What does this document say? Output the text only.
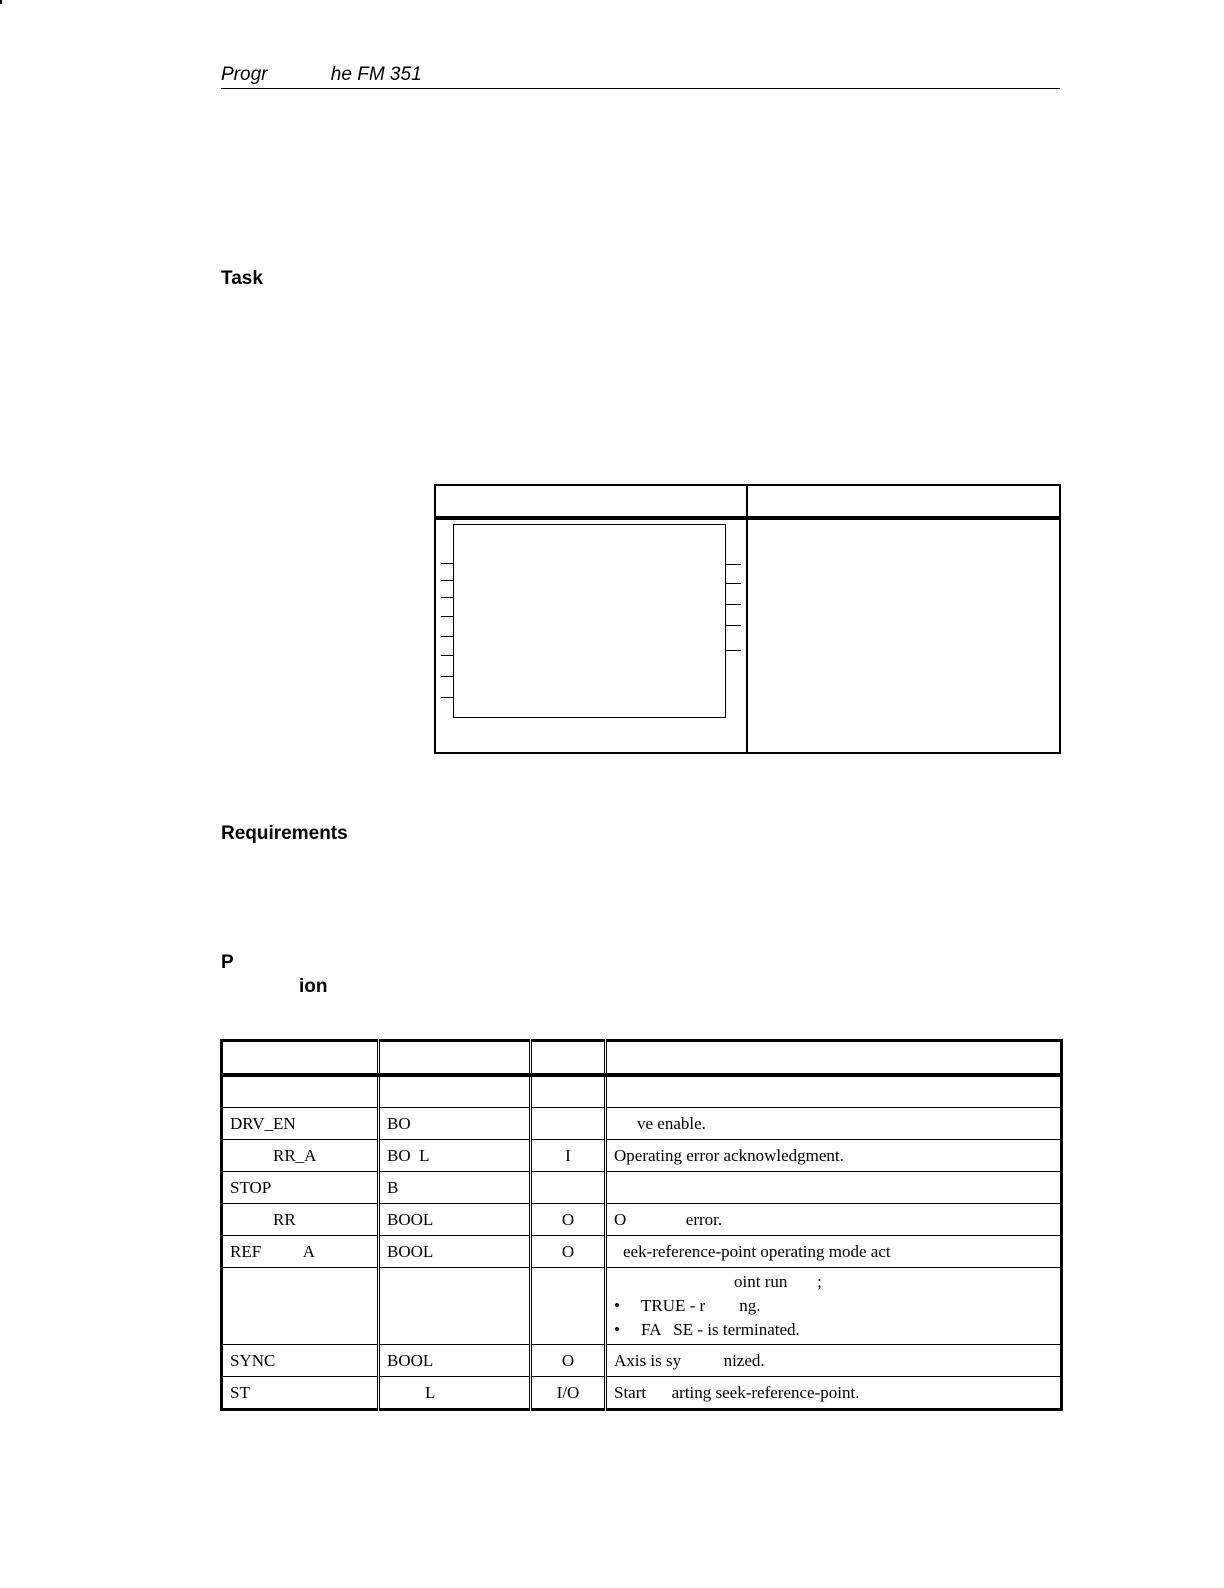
Progr            he FM 351
Task
Requirements
P
ion

DRV_EN	BO		ve enable.
RR_A	BO  L	I	Operating error acknowledgment.
STOP	B		
RR	BOOL	O	O              error.
REF          A	BOOL	O	eek-reference-point operating mode act

			oint run       ;
• TRUE - r        ng.
• FA   SE - is terminated.

SYNC	BOOL	O	Axis is sy          nized.
ST	L	I/O	Start      arting seek-reference-point.
